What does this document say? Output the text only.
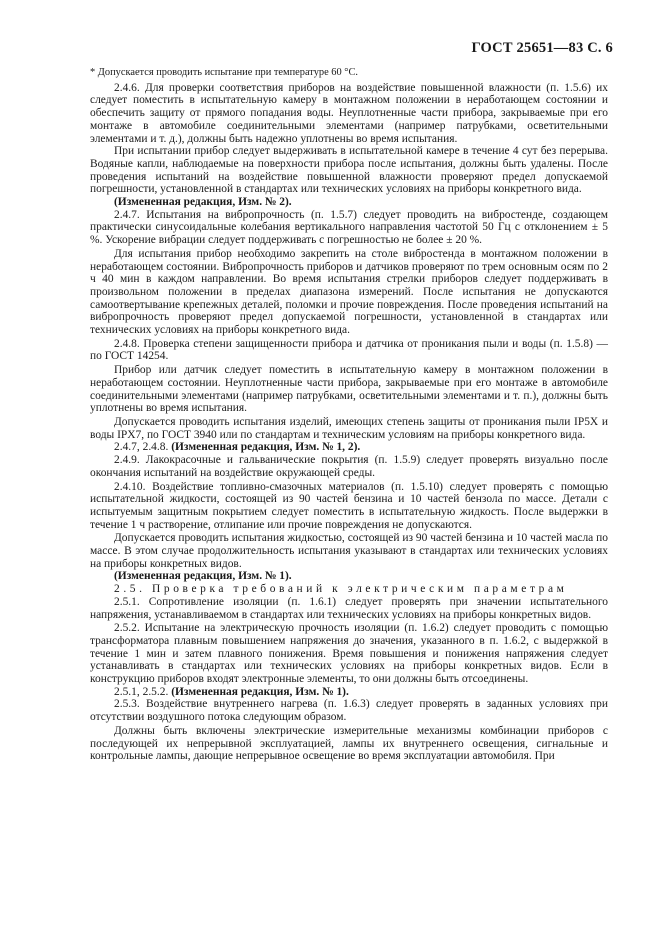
ГОСТ 25651—83 С. 6

* Допускается проводить испытание при температуре 60 °С.

2.4.6. Для проверки соответствия приборов на воздействие повышенной влажности (п. 1.5.6) их следует поместить в испытательную камеру в монтажном положении в неработающем состоянии и обеспечить защиту от прямого попадания воды. Неуплотненные части прибора, закрываемые при его монтаже в автомобиле соединительными элементами (например патрубками, осветительными элементами и т. д.), должны быть надежно уплотнены во время испытания.

При испытании прибор следует выдерживать в испытательной камере в течение 4 сут без перерыва. Водяные капли, наблюдаемые на поверхности прибора после испытания, должны быть удалены. После проведения испытаний на воздействие повышенной влажности проверяют предел допускаемой погрешности, установленной в стандартах или технических условиях на приборы конкретного вида.

(Измененная редакция, Изм. № 2).

2.4.7. Испытания на вибропрочность (п. 1.5.7) следует проводить на вибростенде, создающем практически синусоидальные колебания вертикального направления частотой 50 Гц с отклонением ± 5 %. Ускорение вибрации следует поддерживать с погрешностью не более ± 20 %.

Для испытания прибор необходимо закрепить на столе вибростенда в монтажном положении в неработающем состоянии. Вибропрочность приборов и датчиков проверяют по трем основным осям по 2 ч 40 мин в каждом направлении. Во время испытания стрелки приборов следует поддерживать в произвольном положении в пределах диапазона измерений. После испытания не допускаются самоотвертывание крепежных деталей, поломки и прочие повреждения. После проведения испытаний на вибропрочность проверяют предел допускаемой погрешности, установленной в стандартах или технических условиях на приборы конкретного вида.

2.4.8. Проверка степени защищенности прибора и датчика от проникания пыли и воды (п. 1.5.8) — по ГОСТ 14254.

Прибор или датчик следует поместить в испытательную камеру в монтажном положении в неработающем состоянии. Неуплотненные части прибора, закрываемые при его монтаже в автомобиле соединительными элементами (например патрубками, осветительными элементами и т. п.), должны быть уплотнены во время испытания.

Допускается проводить испытания изделий, имеющих степень защиты от проникания пыли IP5X и воды IPX7, по ГОСТ 3940 или по стандартам и техническим условиям на приборы конкретного вида.

2.4.7, 2.4.8. (Измененная редакция, Изм. № 1, 2).

2.4.9. Лакокрасочные и гальванические покрытия (п. 1.5.9) следует проверять визуально после окончания испытаний на воздействие окружающей среды.

2.4.10. Воздействие топливно-смазочных материалов (п. 1.5.10) следует проверять с помощью испытательной жидкости, состоящей из 90 частей бензина и 10 частей бензола по массе. Детали с испытуемым защитным покрытием следует поместить в испытательную жидкость. После выдержки в течение 1 ч растворение, отлипание или прочие повреждения не допускаются.

Допускается проводить испытания жидкостью, состоящей из 90 частей бензина и 10 частей масла по массе. В этом случае продолжительность испытания указывают в стандартах или технических условиях на приборы конкретных видов.

(Измененная редакция, Изм. № 1).

2.5. Проверка требований к электрическим параметрам

2.5.1. Сопротивление изоляции (п. 1.6.1) следует проверять при значении испытательного напряжения, устанавливаемом в стандартах или технических условиях на приборы конкретных видов.

2.5.2. Испытание на электрическую прочность изоляции (п. 1.6.2) следует проводить с помощью трансформатора плавным повышением напряжения до значения, указанного в п. 1.6.2, с выдержкой в течение 1 мин и затем плавного понижения. Время повышения и понижения напряжения следует устанавливать в стандартах или технических условиях на приборы конкретных видов. Если в конструкцию приборов входят электронные элементы, то они должны быть отсоединены.

2.5.1, 2.5.2. (Измененная редакция, Изм. № 1).

2.5.3. Воздействие внутреннего нагрева (п. 1.6.3) следует проверять в заданных условиях при отсутствии воздушного потока следующим образом.

Должны быть включены электрические измерительные механизмы комбинации приборов с последующей их непрерывной эксплуатацией, лампы их внутреннего освещения, сигнальные и контрольные лампы, дающие непрерывное освещение во время эксплуатации автомобиля. При
